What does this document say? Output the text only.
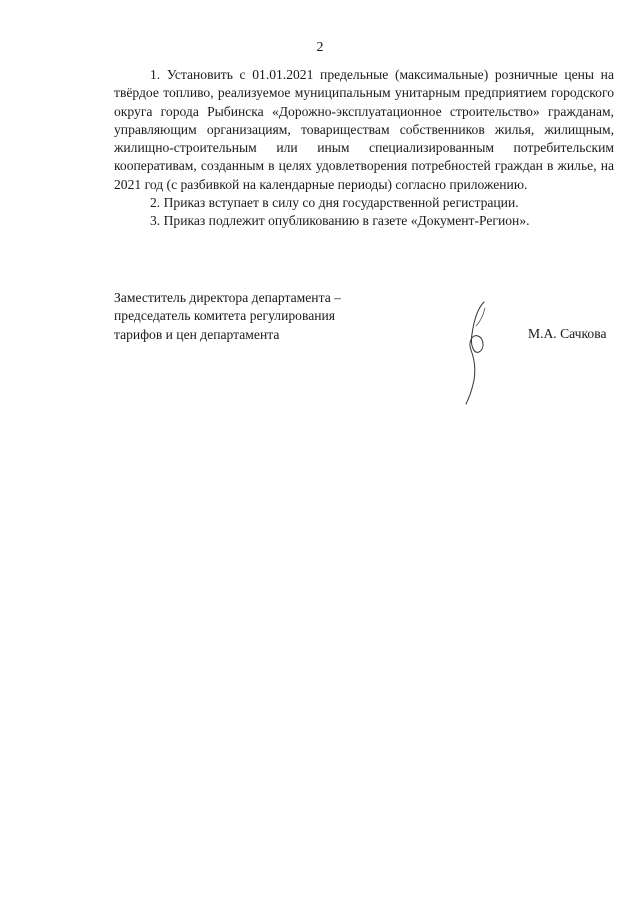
2

1. Установить с 01.01.2021 предельные (максимальные) розничные цены на твёрдое топливо, реализуемое муниципальным унитарным предприятием городского округа города Рыбинска «Дорожно-эксплуатационное строительство» гражданам, управляющим организациям, товариществам собственников жилья, жилищным, жилищно-строительным или иным специализированным потребительским кооперативам, созданным в целях удовлетворения потребностей граждан в жилье, на 2021 год (с разбивкой на календарные периоды) согласно приложению.

2. Приказ вступает в силу со дня государственной регистрации.

3. Приказ подлежит опубликованию в газете «Документ-Регион».

Заместитель директора департамента –
председатель комитета регулирования
тарифов и цен департамента	М.А. Сачкова
